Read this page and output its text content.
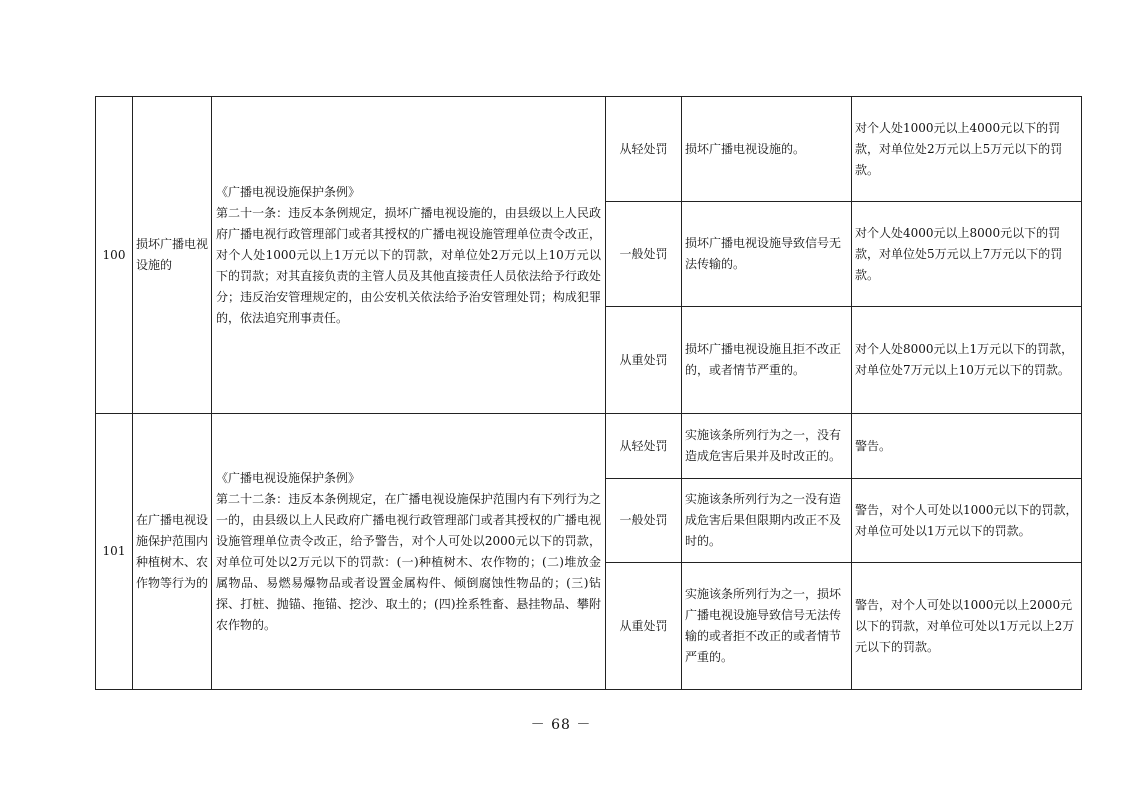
100	损坏广播电视设施的	《广播电视设施保护条例》
第二十一条：违反本条例规定，损坏广播电视设施的，由县级以上人民政府广播电视行政管理部门或者其授权的广播电视设施管理单位责令改正，对个人处1000元以上1万元以下的罚款，对单位处2万元以上10万元以下的罚款；对其直接负责的主管人员及其他直接责任人员依法给予行政处分；违反治安管理规定的，由公安机关依法给予治安管理处罚；构成犯罪的，依法追究刑事责任。	从轻处罚	损坏广播电视设施的。	对个人处1000元以上4000元以下的罚款，对单位处2万元以上5万元以下的罚款。
			一般处罚	损坏广播电视设施导致信号无法传输的。	对个人处4000元以上8000元以下的罚款，对单位处5万元以上7万元以下的罚款。
			从重处罚	损坏广播电视设施且拒不改正的，或者情节严重的。	对个人处8000元以上1万元以下的罚款，对单位处7万元以上10万元以下的罚款。
101	在广播电视设施保护范围内种植树木、农作物等行为的	《广播电视设施保护条例》
第二十二条：违反本条例规定，在广播电视设施保护范围内有下列行为之一的，由县级以上人民政府广播电视行政管理部门或者其授权的广播电视设施管理单位责令改正，给予警告，对个人可处以2000元以下的罚款，对单位可处以2万元以下的罚款：(一)种植树木、农作物的；(二)堆放金属物品、易燃易爆物品或者设置金属构件、倾倒腐蚀性物品的；(三)钻探、打桩、抛锚、拖锚、挖沙、取土的；(四)拴系牲畜、悬挂物品、攀附农作物的。	从轻处罚	实施该条所列行为之一，没有造成危害后果并及时改正的。	警告。
			一般处罚	实施该条所列行为之一没有造成危害后果但限期内改正不及时的。	警告，对个人可处以1000元以下的罚款，对单位可处以1万元以下的罚款。
			从重处罚	实施该条所列行为之一，损坏广播电视设施导致信号无法传输的或者拒不改正的或者情节严重的。	警告，对个人可处以1000元以上2000元以下的罚款，对单位可处以1万元以上2万元以下的罚款。
－ 68 －
